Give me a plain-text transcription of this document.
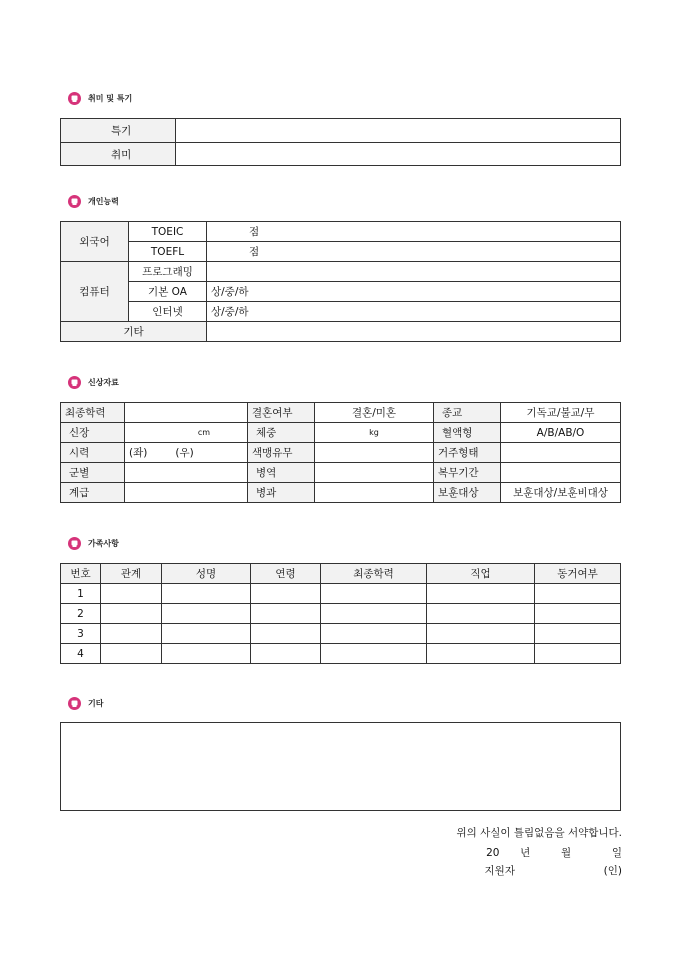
취미 및 특기
특기	
취미	
개인능력
외국어	TOEIC	점
	TOEFL	점
컴퓨터	프로그래밍	
	기본 OA	상/중/하
	인터넷	상/중/하
기타		
신상자료
최종학력		결혼여부	결혼/미혼	종교	기독교/불교/무
신장	cm	체중	kg	혈액형	A/B/AB/O
시력	(좌) (우)	색맹유무		거주형태	
군별		병역		복무기간	
계급		병과		보훈대상	보훈대상/보훈비대상
가족사항
번호	관계	성명	연령	최종학력	직업	동거여부
1						
2						
3						
4						
기타
위의 사실이 틀림없음을 서약합니다.
20 년	월	일
지원자	(인)
